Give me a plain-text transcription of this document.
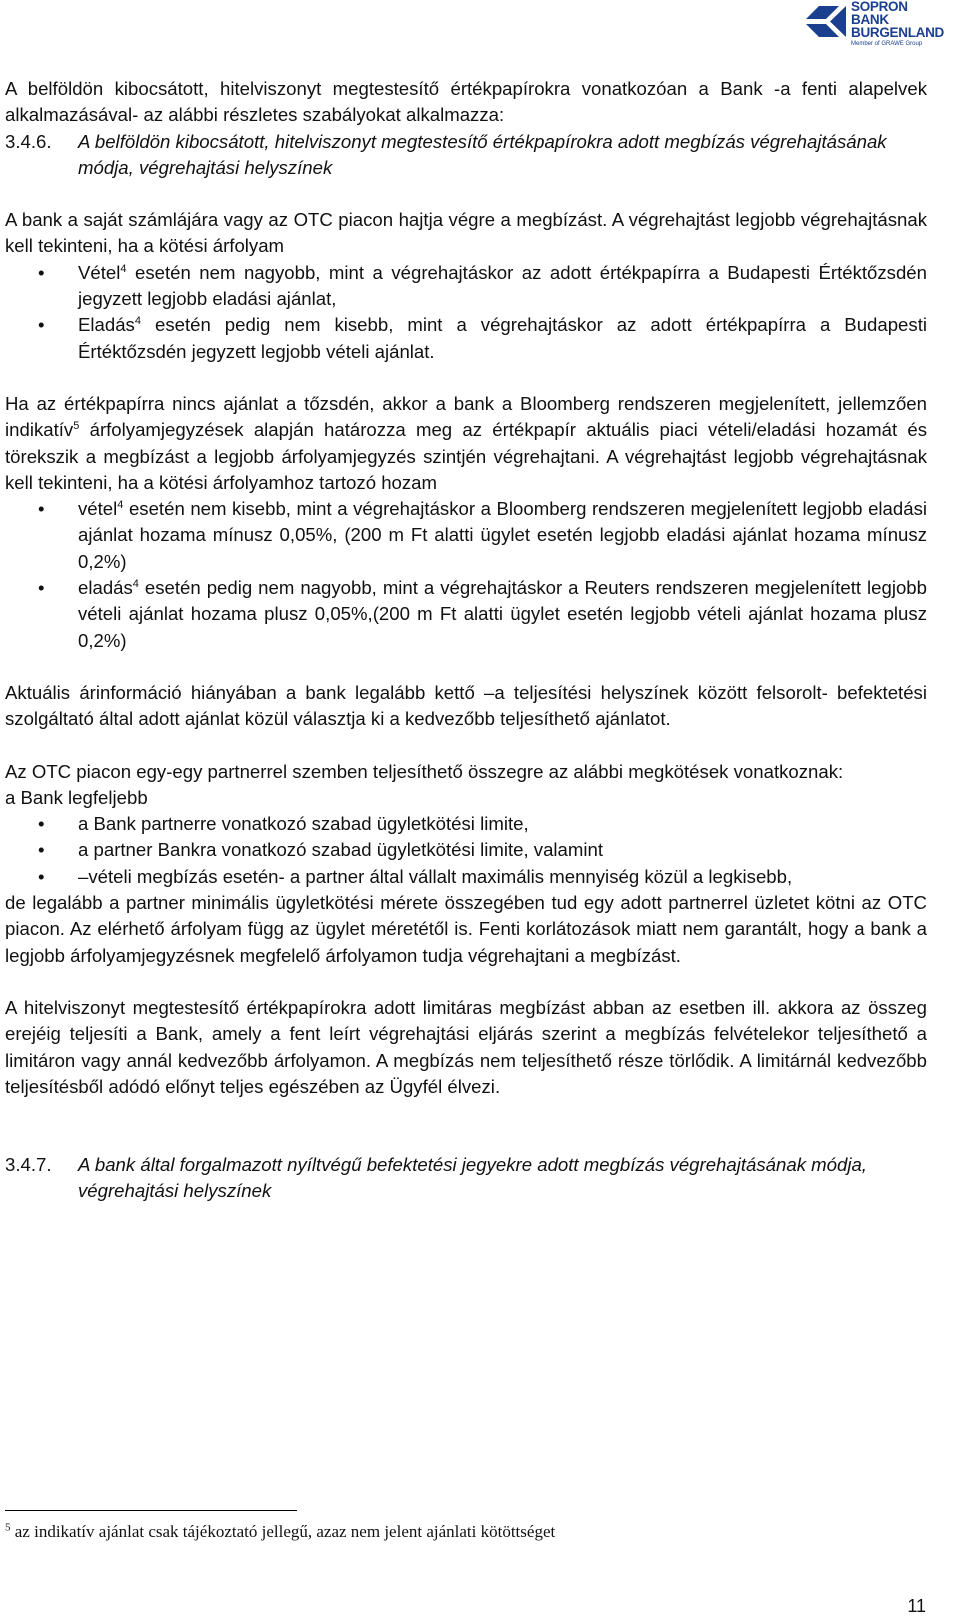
SOPRON
BANK
BURGENLAND
Member of GRAWE Group

A belföldön kibocsátott, hitelviszonyt megtestesítő értékpapírokra vonatkozóan a Bank -a fenti alapelvek alkalmazásával- az alábbi részletes szabályokat alkalmazza:

3.4.6.	A belföldön kibocsátott, hitelviszonyt megtestesítő értékpapírokra adott megbízás végrehajtásának módja, végrehajtási helyszínek

A bank a saját számlájára vagy az OTC piacon hajtja végre a megbízást. A végrehajtást legjobb végrehajtásnak kell tekinteni, ha a kötési árfolyam

• Vétel$^4$ esetén nem nagyobb, mint a végrehajtáskor az adott értékpapírra a Budapesti Értéktőzsdén jegyzett legjobb eladási ajánlat,
• Eladás$^4$ esetén pedig nem kisebb, mint a végrehajtáskor az adott értékpapírra a Budapesti Értéktőzsdén jegyzett legjobb vételi ajánlat.

Ha az értékpapírra nincs ajánlat a tőzsdén, akkor a bank a Bloomberg rendszeren megjelenített, jellemzően indikatív$^5$ árfolyamjegyzések alapján határozza meg az értékpapír aktuális piaci vételi/eladási hozamát és törekszik a megbízást a legjobb árfolyamjegyzés szintjén végrehajtani. A végrehajtást legjobb végrehajtásnak kell tekinteni, ha a kötési árfolyamhoz tartozó hozam

• vétel$^4$ esetén nem kisebb, mint a végrehajtáskor a Bloomberg rendszeren megjelenített legjobb eladási ajánlat hozama mínusz 0,05%, (200 m Ft alatti ügylet esetén legjobb eladási ajánlat hozama mínusz 0,2%)
• eladás$^4$ esetén pedig nem nagyobb, mint a végrehajtáskor a Reuters rendszeren megjelenített legjobb vételi ajánlat hozama plusz 0,05%,(200 m Ft alatti ügylet esetén legjobb vételi ajánlat hozama plusz 0,2%)

Aktuális árinformáció hiányában a bank legalább kettő –a teljesítési helyszínek között felsorolt- befektetési szolgáltató által adott ajánlat közül választja ki a kedvezőbb teljesíthető ajánlatot.

Az OTC piacon egy-egy partnerrel szemben teljesíthető összegre az alábbi megkötések vonatkoznak:

a Bank legfeljebb

• a Bank partnerre vonatkozó szabad ügyletkötési limite,
• a partner Bankra vonatkozó szabad ügyletkötési limite, valamint
• –vételi megbízás esetén- a partner által vállalt maximális mennyiség közül a legkisebb,

de legalább a partner minimális ügyletkötési mérete összegében tud egy adott partnerrel üzletet kötni az OTC piacon. Az elérhető árfolyam függ az ügylet méretétől is. Fenti korlátozások miatt nem garantált, hogy a bank a legjobb árfolyamjegyzésnek megfelelő árfolyamon tudja végrehajtani a megbízást.

A hitelviszonyt megtestesítő értékpapírokra adott limitáras megbízást abban az esetben ill. akkora az összeg erejéig teljesíti a Bank, amely a fent leírt végrehajtási eljárás szerint a megbízás felvételekor teljesíthető a limitáron vagy annál kedvezőbb árfolyamon. A megbízás nem teljesíthető része törlődik. A limitárnál kedvezőbb teljesítésből adódó előnyt teljes egészében az Ügyfél élvezi.

3.4.7.	A bank által forgalmazott nyíltvégű befektetési jegyekre adott megbízás végrehajtásának módja, végrehajtási helyszínek
$^5$ az indikatív ajánlat csak tájékoztató jellegű, azaz nem jelent ajánlati kötöttséget
11
